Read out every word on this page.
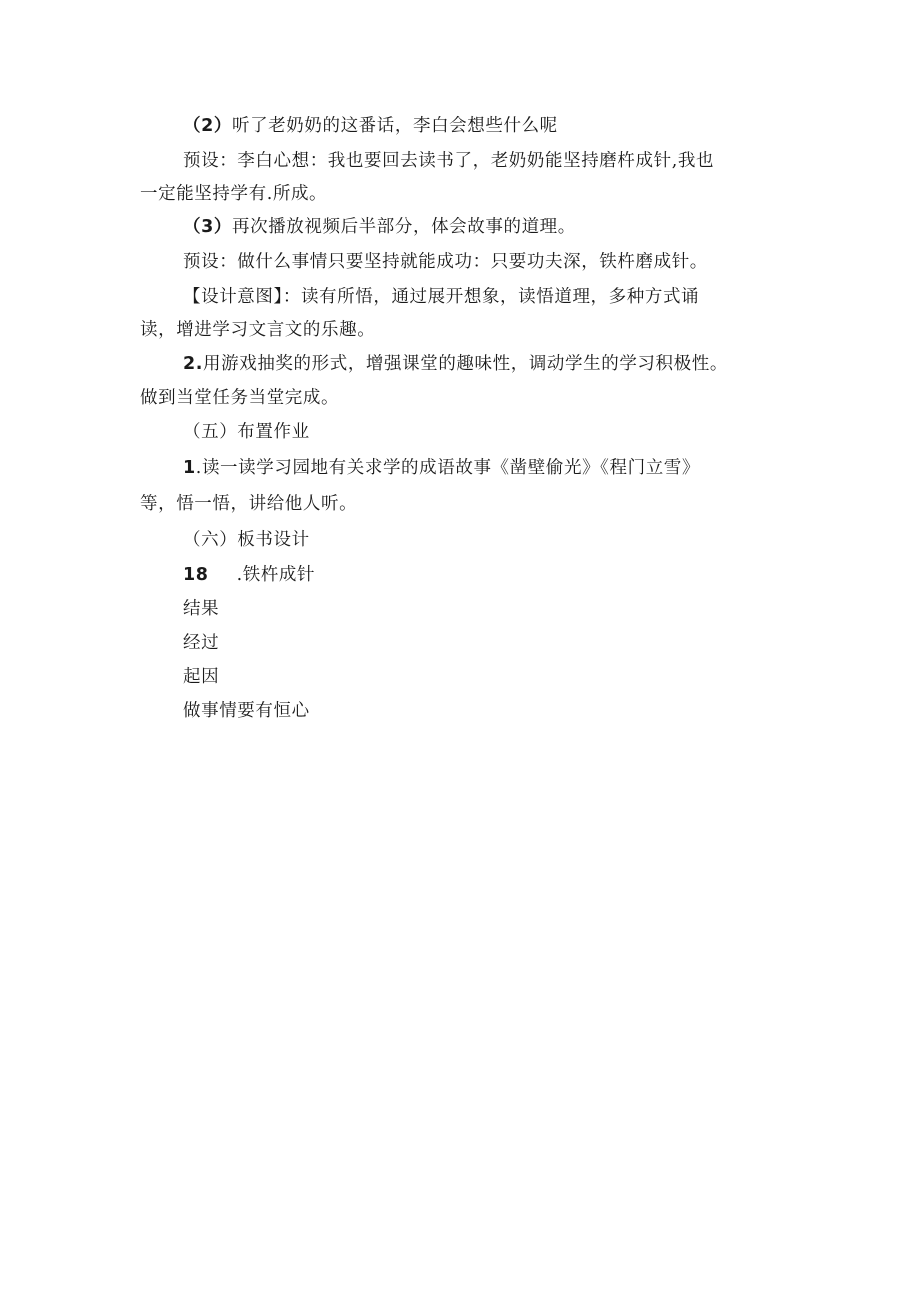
（2）听了老奶奶的这番话，李白会想些什么呢
预设：李白心想：我也要回去读书了，老奶奶能坚持磨杵成针,我也
一定能坚持学有.所成。
（3）再次播放视频后半部分，体会故事的道理。
预设：做什么事情只要坚持就能成功：只要功夫深，铁杵磨成针。
【设计意图】：读有所悟，通过展开想象，读悟道理，多种方式诵
读，增进学习文言文的乐趣。
2.用游戏抽奖的形式，增强课堂的趣味性，调动学生的学习积极性。
做到当堂任务当堂完成。
（五）布置作业
1.读一读学习园地有关求学的成语故事《凿壁偷光》《程门立雪》
等，悟一悟，讲给他人听。
（六）板书设计
18 .铁杵成针
结果
经过
起因
做事情要有恒心
